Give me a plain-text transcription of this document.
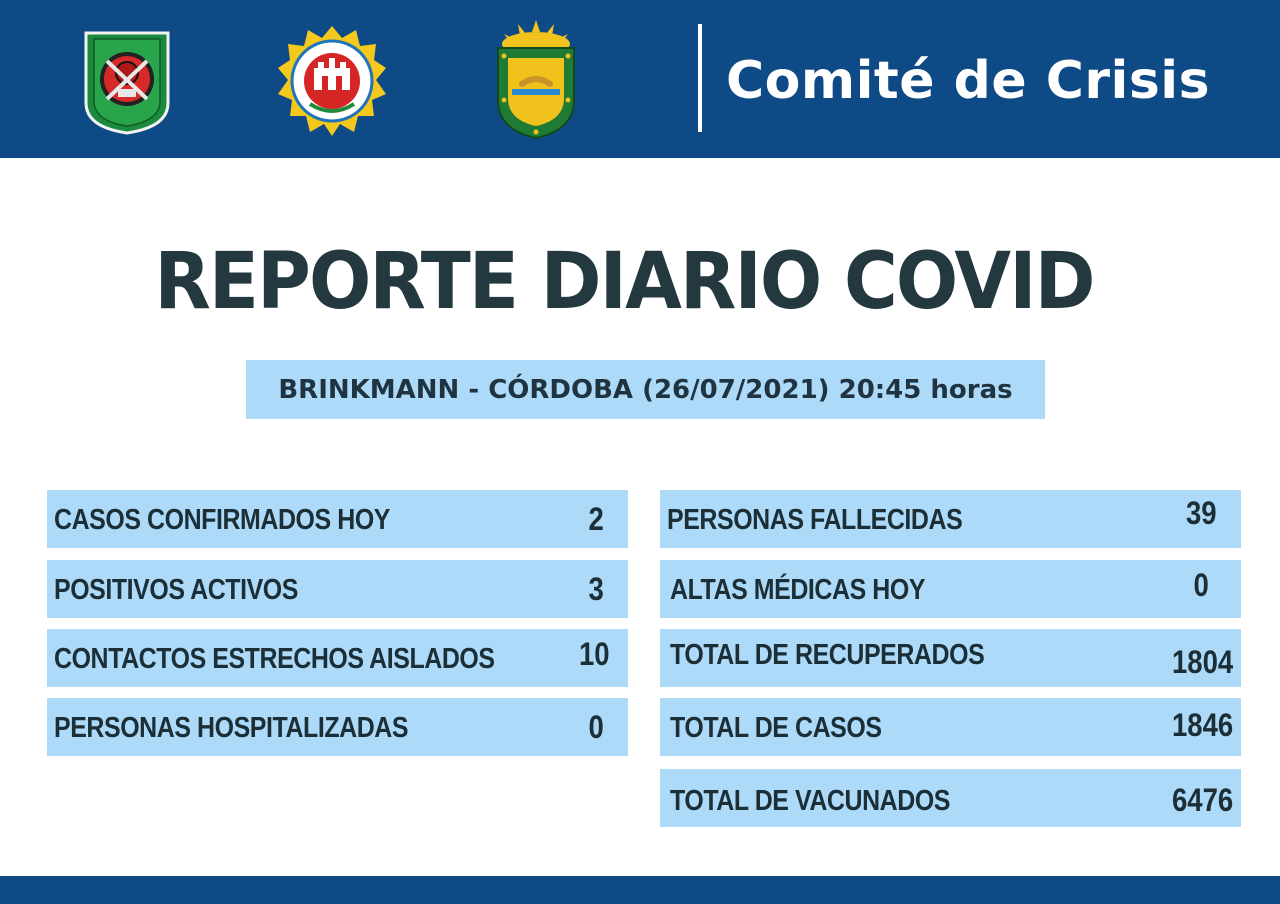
Comité de Crisis
REPORTE DIARIO COVID
BRINKMANN - CÓRDOBA (26/07/2021) 20:45 horas
CASOS CONFIRMADOS HOY	2
POSITIVOS ACTIVOS	3
CONTACTOS ESTRECHOS AISLADOS	10
PERSONAS HOSPITALIZADAS	0
PERSONAS FALLECIDAS	39
ALTAS MÉDICAS HOY	0
TOTAL DE RECUPERADOS	1804
TOTAL DE CASOS	1846
TOTAL DE VACUNADOS	6476
